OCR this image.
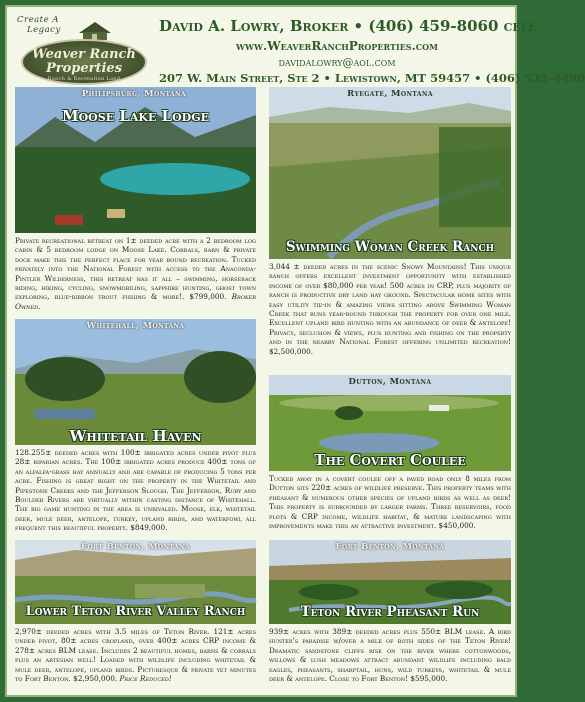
Create A
Legacy
Weaver Ranch
Properties
Ranch & Recreation Land
David A. Lowry, Broker • (406) 459-8060 cell
www.WeaverRanchProperties.com
davidalowry@aol.com
207 W. Main Street, Ste 2 • Lewistown, MT 59457 • (406) 535-4490
Philipsburg, Montana
Moose Lake Lodge
Private recreational retreat on 1± deeded acre with a 2 bedroom log cabin & 5 bedroom lodge on Moose Lake. Corrals, barn & private dock make this the perfect place for year round recreation. Tucked privately into the National Forest with access to the Anaconda-Pintler Wilderness, this retreat has it all – swimming, horseback riding, hiking, cycling, snowmobiling, sapphire hunting, ghost town exploring, blue-ribbon trout fishing & more!. $799,000. Broker Owned.
Ryegate, Montana
Swimming Woman Creek Ranch
3,044 ± deeded acres in the scenic Snowy Mountains! This unique ranch offers excellent investment opportunity with established income of over $80,000 per year! 500 acres in CRP, plus majority of ranch is productive dry land hay ground. Spectacular home sites with easy utility tie-in & amazing views sitting above Swimming Woman Creek that runs year-round through the property for over one mile. Excellent upland bird hunting with an abundance of deer & antelope! Privacy, seclusion & views, plus hunting and fishing on the property and in the nearby National Forest offering unlimited recreation! $2,500,000.
Whitehall, Montana
Whitetail Haven
128.255± deeded acres with 100± irrigated acres under pivot plus 28± riparian acres. The 100± irrigated acres produce 400± tons of an alfalfa-grass hay annually and are capable of producing 5 tons per acre. Fishing is great right on the property in the Whitetail and Pipestone Creeks and the Jefferson Slough. The Jefferson, Ruby and Boulder Rivers are virtually within casting distance of Whitehall. The big game hunting in the area is unrivaled. Moose, elk, whitetail deer, mule deer, antelope, turkey, upland birds, and waterfowl all frequent this beautiful property. $849,000.
Dutton, Montana
The Covert Coulee
Tucked away in a covert coulee off a paved road only 8 miles from Dutton sits 220± acres of wildlife preserve. This property teams with pheasant & numerous other species of upland birds as well as deer! This property is surrounded by larger farms. Three reservoirs, food plots & CRP income, wildlife habitat, & mature landscaping with improvements make this an attractive investment. $450,000.
Fort Benton, Montana
Lower Teton River Valley Ranch
2,970± deeded acres with 3.5 miles of Teton River. 121± acres under pivot, 80± acres cropland, over 400± acres CRP income & 278± acres BLM lease. Includes 2 beautiful homes, barns & corrals plus an artesian well! Loaded with wildlife including whitetail & mule deer, antelope, upland birds. Picturesque & private yet minutes to Fort Benton. $2,950,000. Price Reduced!
Fort Benton, Montana
Teton River Pheasant Run
939± acres with 389± deeded acres plus 550± BLM lease. A bird hunter's paradise w/over a mile of both sides of the Teton River! Dramatic sandstone cliffs rise on the river where cottonwoods, willows & lush meadows attract abundant wildlife including bald eagles, pheasants, sharptail, huns, wild turkeys, whitetail & mule deer & antelope. Close to Fort Benton! $595,000.
